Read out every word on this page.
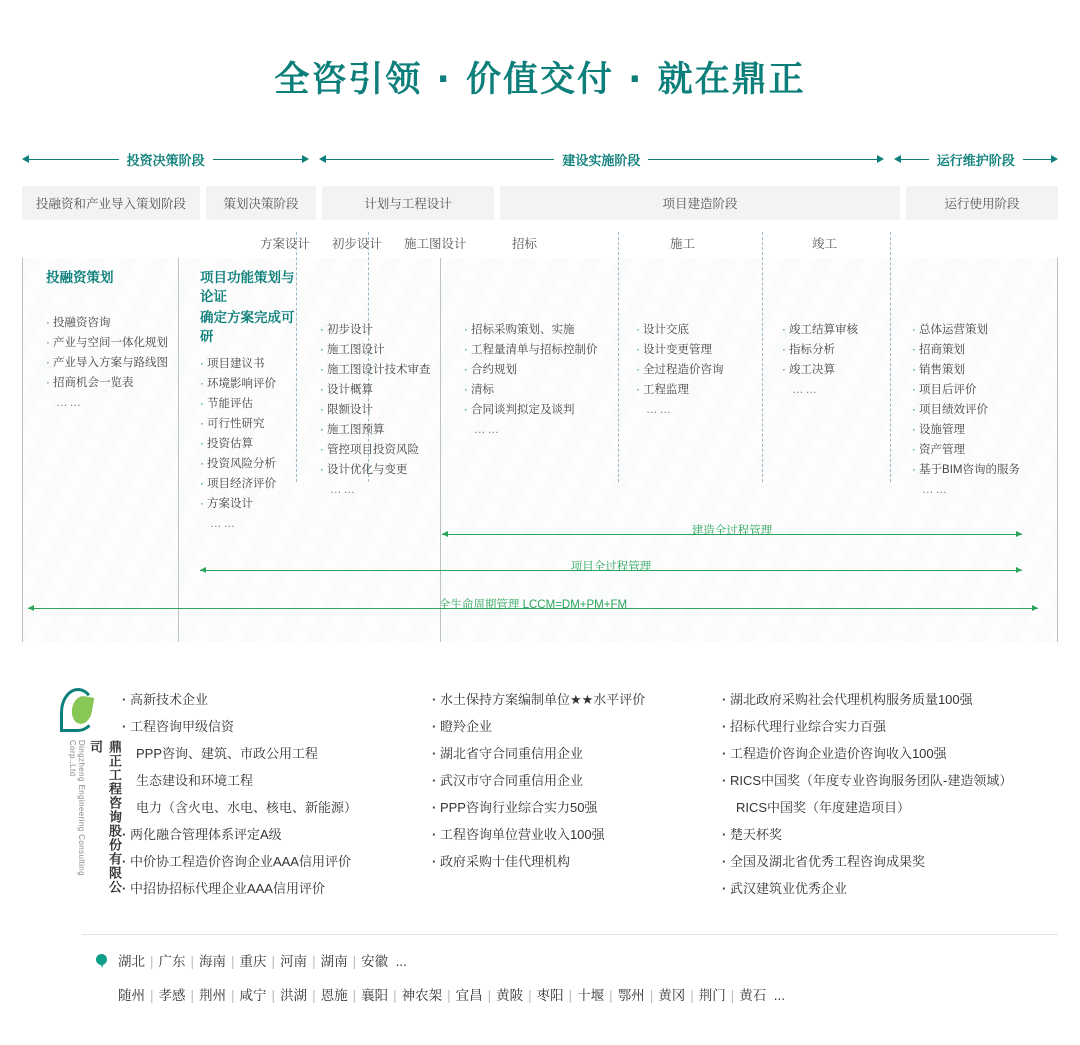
全咨引领 · 价值交付 · 就在鼎正
投资决策阶段	建设实施阶段	运行维护阶段
投融资和产业导入策划阶段	策划决策阶段	计划与工程设计	项目建造阶段	运行使用阶段
方案设计 初步设计 施工图设计	招标	施工	竣工
投融资策划
· 投融资咨询
· 产业与空间一体化规划
· 产业导入方案与路线图
· 招商机会一览表
……
项目功能策划与论证
确定方案完成可研
· 项目建议书
· 环境影响评价
· 节能评估
· 可行性研究
· 投资估算
· 投资风险分析
· 项目经济评价
· 方案设计
……
· 初步设计
· 施工图设计
· 施工图设计技术审查
· 设计概算
· 限额设计
· 施工图预算
· 管控项目投资风险
· 设计优化与变更
……
· 招标采购策划、实施
· 工程量清单与招标控制价
· 合约规划
· 清标
· 合同谈判拟定及谈判
……
· 设计交底
· 设计变更管理
· 全过程造价咨询
· 工程监理
……
· 竣工结算审核
· 指标分析
· 竣工决算
……
· 总体运营策划
· 招商策划
· 销售策划
· 项目后评价
· 项目绩效评价
· 设施管理
· 资产管理
· 基于BIM咨询的服务
……
建造全过程管理
项目全过程管理
全生命周期管理 LCCM=DM+PM+FM
鼎正工程咨询股份有限公司
Dingzheng Engineering Consulting Corp.,Ltd
· 高新技术企业
· 工程咨询甲级信资
PPP咨询、建筑、市政公用工程
生态建设和环境工程
电力（含火电、水电、核电、新能源）
· 两化融合管理体系评定A级
· 中价协工程造价咨询企业AAA信用评价
· 中招协招标代理企业AAA信用评价
· 水土保持方案编制单位★★水平评价
· 瞪羚企业
· 湖北省守合同重信用企业
· 武汉市守合同重信用企业
· PPP咨询行业综合实力50强
· 工程咨询单位营业收入100强
· 政府采购十佳代理机构
· 湖北政府采购社会代理机构服务质量100强
· 招标代理行业综合实力百强
· 工程造价咨询企业造价咨询收入100强
· RICS中国奖（年度专业咨询服务团队-建造领域）
RICS中国奖（年度建造项目）
· 楚天杯奖
· 全国及湖北省优秀工程咨询成果奖
· 武汉建筑业优秀企业
湖北 | 广东 | 海南 | 重庆 | 河南 | 湖南 | 安徽 ...
随州 | 孝感 | 荆州 | 咸宁 | 洪湖 | 恩施 | 襄阳 | 神农架 | 宜昌 | 黄陂 | 枣阳 | 十堰 | 鄂州 | 黄冈 | 荆门 | 黄石 ...
